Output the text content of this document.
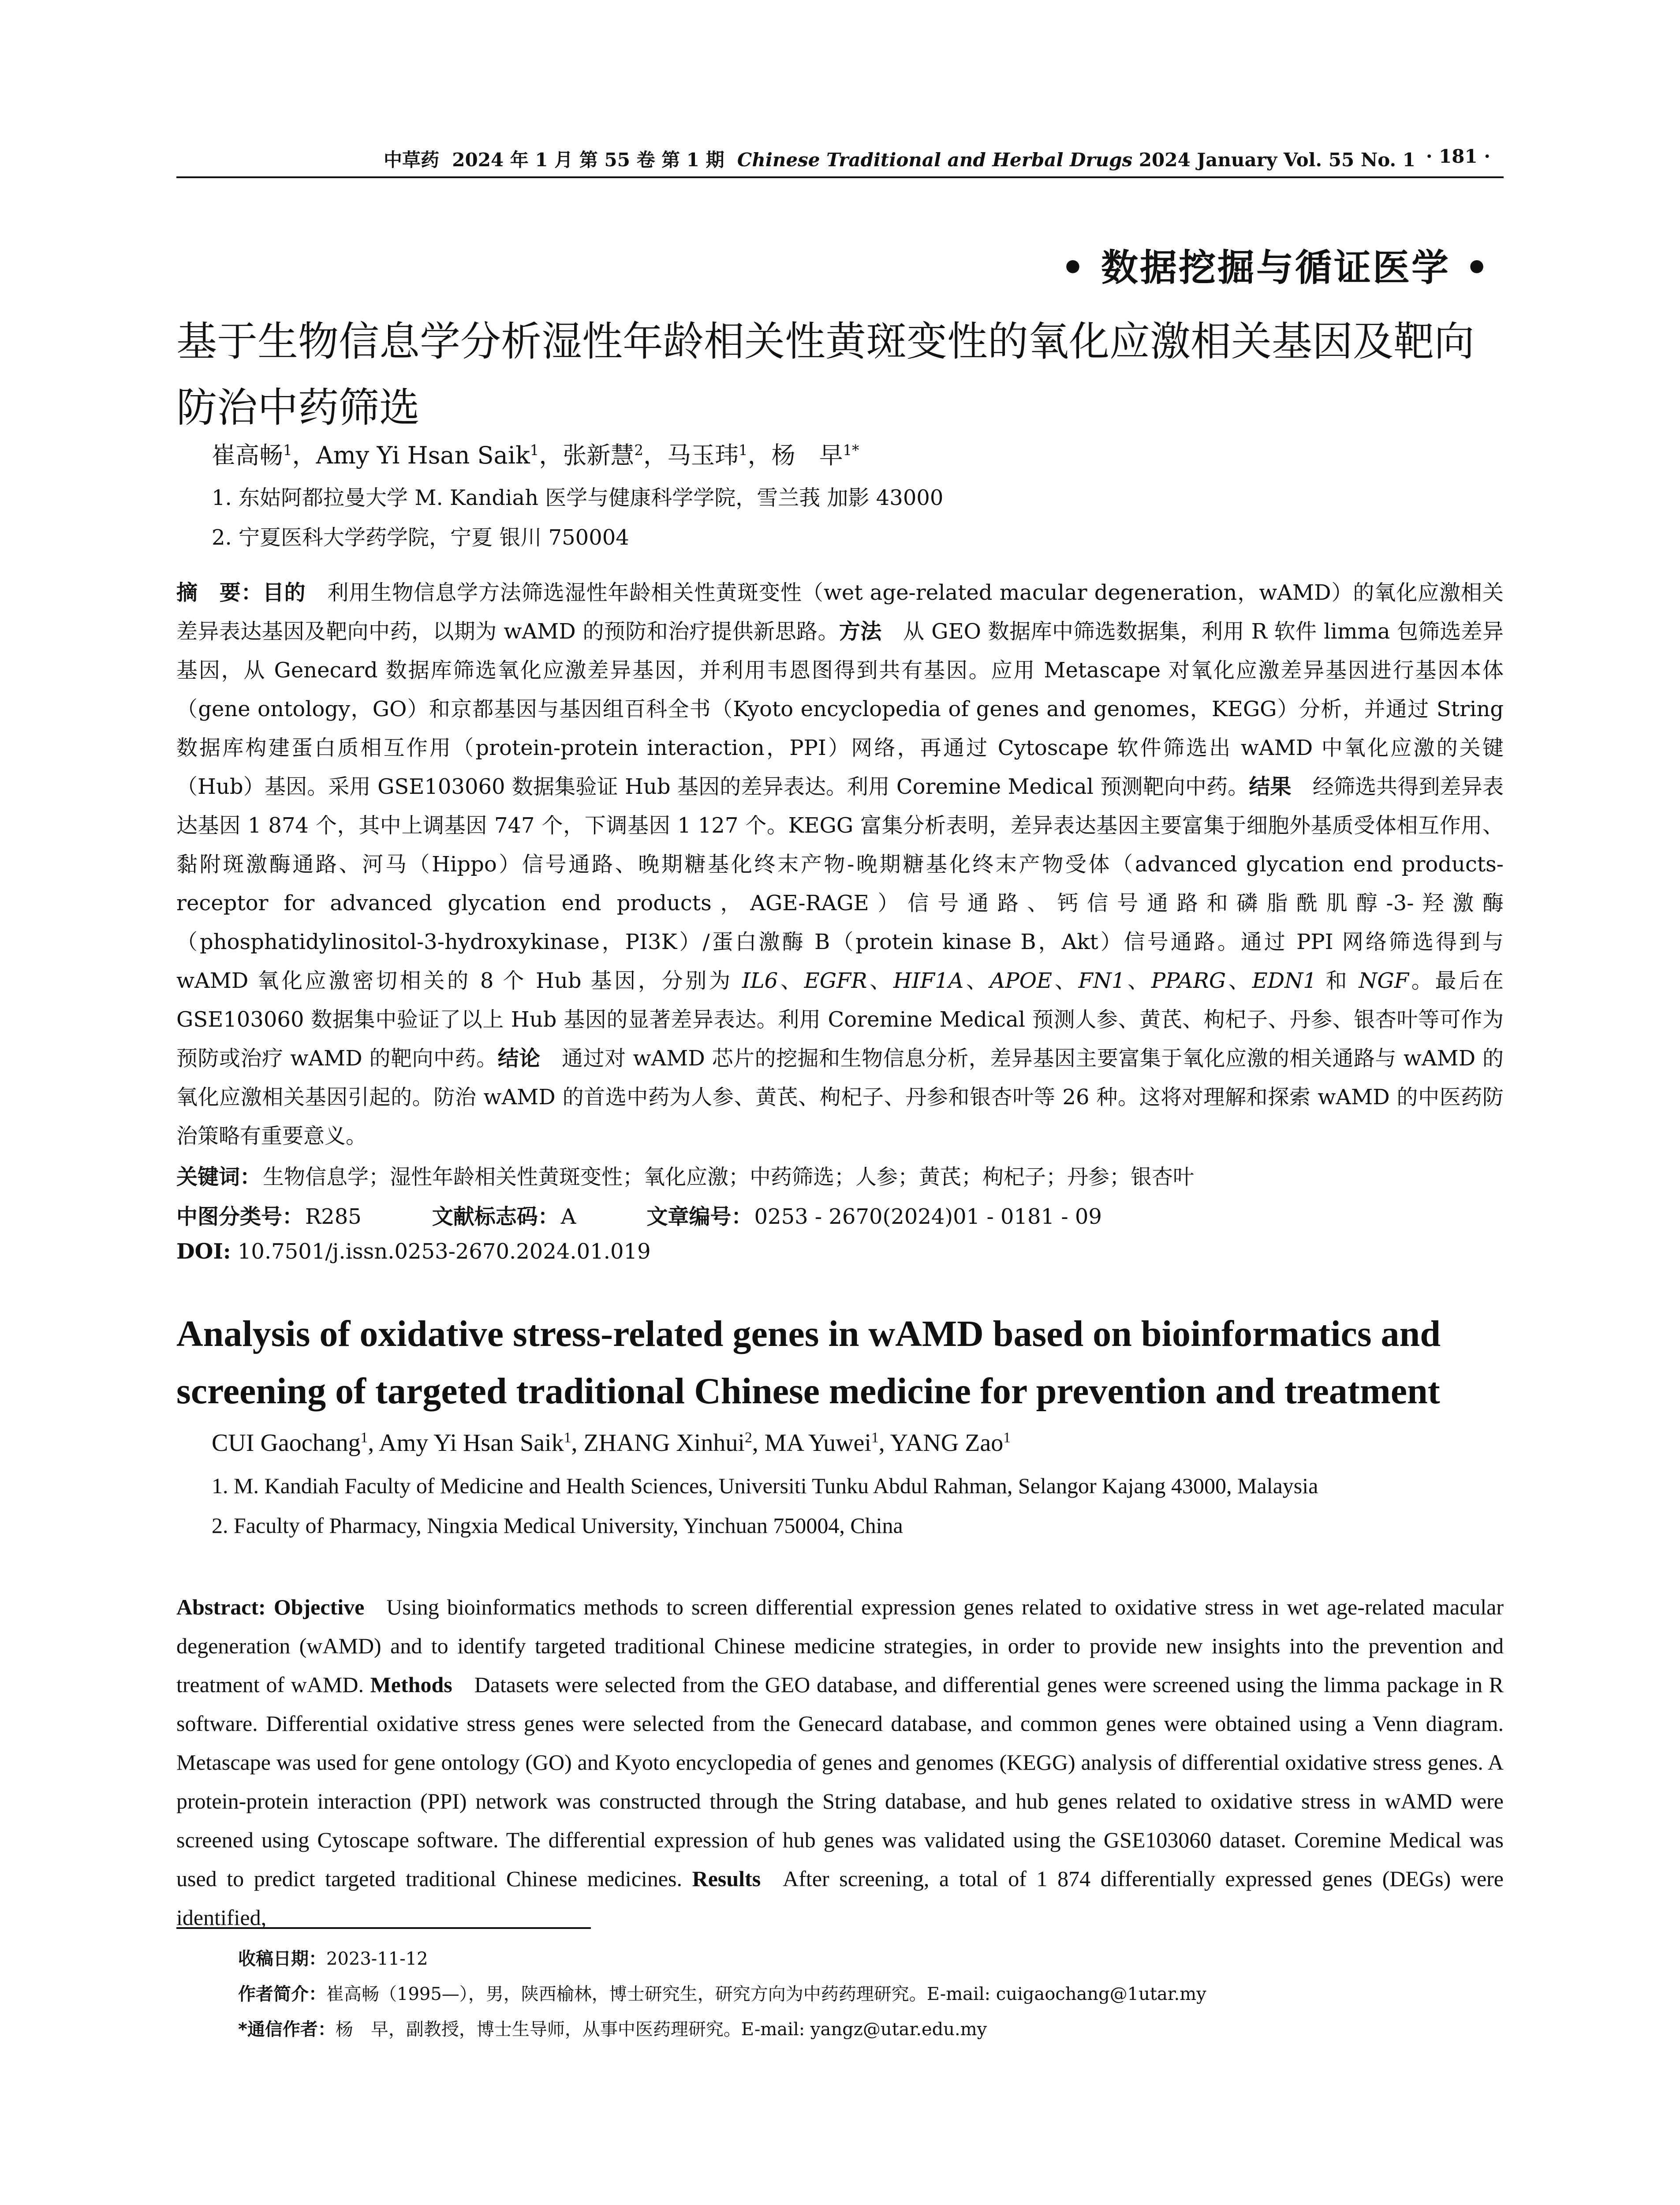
中草药 2024 年 1 月 第 55 卷 第 1 期 Chinese Traditional and Herbal Drugs 2024 January Vol. 55 No. 1 · 181 ·
• 数据挖掘与循证医学 •
基于生物信息学分析湿性年龄相关性黄斑变性的氧化应激相关基因及靶向防治中药筛选
崔高畅$^1$，Amy Yi Hsan Saik$^1$，张新慧$^2$，马玉玮$^1$，杨　早$^{1*}$
1. 东姑阿都拉曼大学 M. Kandiah 医学与健康科学学院，雪兰莪 加影 43000
2. 宁夏医科大学药学院，宁夏 银川 750004
摘　要：目的  利用生物信息学方法筛选湿性年龄相关性黄斑变性（wet age-related macular degeneration，wAMD）的氧化应激相关差异表达基因及靶向中药，以期为 wAMD 的预防和治疗提供新思路。方法  从 GEO 数据库中筛选数据集，利用 R 软件 limma 包筛选差异基因，从 Genecard 数据库筛选氧化应激差异基因，并利用韦恩图得到共有基因。应用 Metascape 对氧化应激差异基因进行基因本体（gene ontology，GO）和京都基因与基因组百科全书（Kyoto encyclopedia of genes and genomes，KEGG）分析，并通过 String 数据库构建蛋白质相互作用（protein-protein interaction，PPI）网络，再通过 Cytoscape 软件筛选出 wAMD 中氧化应激的关键（Hub）基因。采用 GSE103060 数据集验证 Hub 基因的差异表达。利用 Coremine Medical 预测靶向中药。结果  经筛选共得到差异表达基因 1 874 个，其中上调基因 747 个，下调基因 1 127 个。KEGG 富集分析表明，差异表达基因主要富集于细胞外基质受体相互作用、黏附斑激酶通路、河马（Hippo）信号通路、晚期糖基化终末产物-晚期糖基化终末产物受体（advanced glycation end products- receptor for advanced glycation end products，AGE-RAGE）信号通路、钙信号通路和磷脂酰肌醇-3-羟激酶（phosphatidylinositol-3-hydroxykinase，PI3K）/蛋白激酶 B（protein kinase B，Akt）信号通路。通过 PPI 网络筛选得到与 wAMD 氧化应激密切相关的 8 个 Hub 基因，分别为 IL6、EGFR、HIF1A、APOE、FN1、PPARG、EDN1 和 NGF。最后在 GSE103060 数据集中验证了以上 Hub 基因的显著差异表达。利用 Coremine Medical 预测人参、黄芪、枸杞子、丹参、银杏叶等可作为预防或治疗 wAMD 的靶向中药。结论  通过对 wAMD 芯片的挖掘和生物信息分析，差异基因主要富集于氧化应激的相关通路与 wAMD 的氧化应激相关基因引起的。防治 wAMD 的首选中药为人参、黄芪、枸杞子、丹参和银杏叶等 26 种。这将对理解和探索 wAMD 的中医药防治策略有重要意义。
关键词：生物信息学；湿性年龄相关性黄斑变性；氧化应激；中药筛选；人参；黄芪；枸杞子；丹参；银杏叶
中图分类号：R285	文献标志码：A	文章编号：0253 - 2670(2024)01 - 0181 - 09
DOI: 10.7501/j.issn.0253-2670.2024.01.019
Analysis of oxidative stress-related genes in wAMD based on bioinformatics and screening of targeted traditional Chinese medicine for prevention and treatment
CUI Gaochang$^1$, Amy Yi Hsan Saik$^1$, ZHANG Xinhui$^2$, MA Yuwei$^1$, YANG Zao$^1$
1. M. Kandiah Faculty of Medicine and Health Sciences, Universiti Tunku Abdul Rahman, Selangor Kajang 43000, Malaysia
2. Faculty of Pharmacy, Ningxia Medical University, Yinchuan 750004, China
Abstract: Objective  Using bioinformatics methods to screen differential expression genes related to oxidative stress in wet age-related macular degeneration (wAMD) and to identify targeted traditional Chinese medicine strategies, in order to provide new insights into the prevention and treatment of wAMD. Methods  Datasets were selected from the GEO database, and differential genes were screened using the limma package in R software. Differential oxidative stress genes were selected from the Genecard database, and common genes were obtained using a Venn diagram. Metascape was used for gene ontology (GO) and Kyoto encyclopedia of genes and genomes (KEGG) analysis of differential oxidative stress genes. A protein-protein interaction (PPI) network was constructed through the String database, and hub genes related to oxidative stress in wAMD were screened using Cytoscape software. The differential expression of hub genes was validated using the GSE103060 dataset. Coremine Medical was used to predict targeted traditional Chinese medicines. Results  After screening, a total of 1 874 differentially expressed genes (DEGs) were identified,
收稿日期：2023-11-12
作者简介：崔高畅（1995—），男，陕西榆林，博士研究生，研究方向为中药药理研究。E-mail: cuigaochang@1utar.my
*通信作者：杨　早，副教授，博士生导师，从事中医药理研究。E-mail: yangz@utar.edu.my
